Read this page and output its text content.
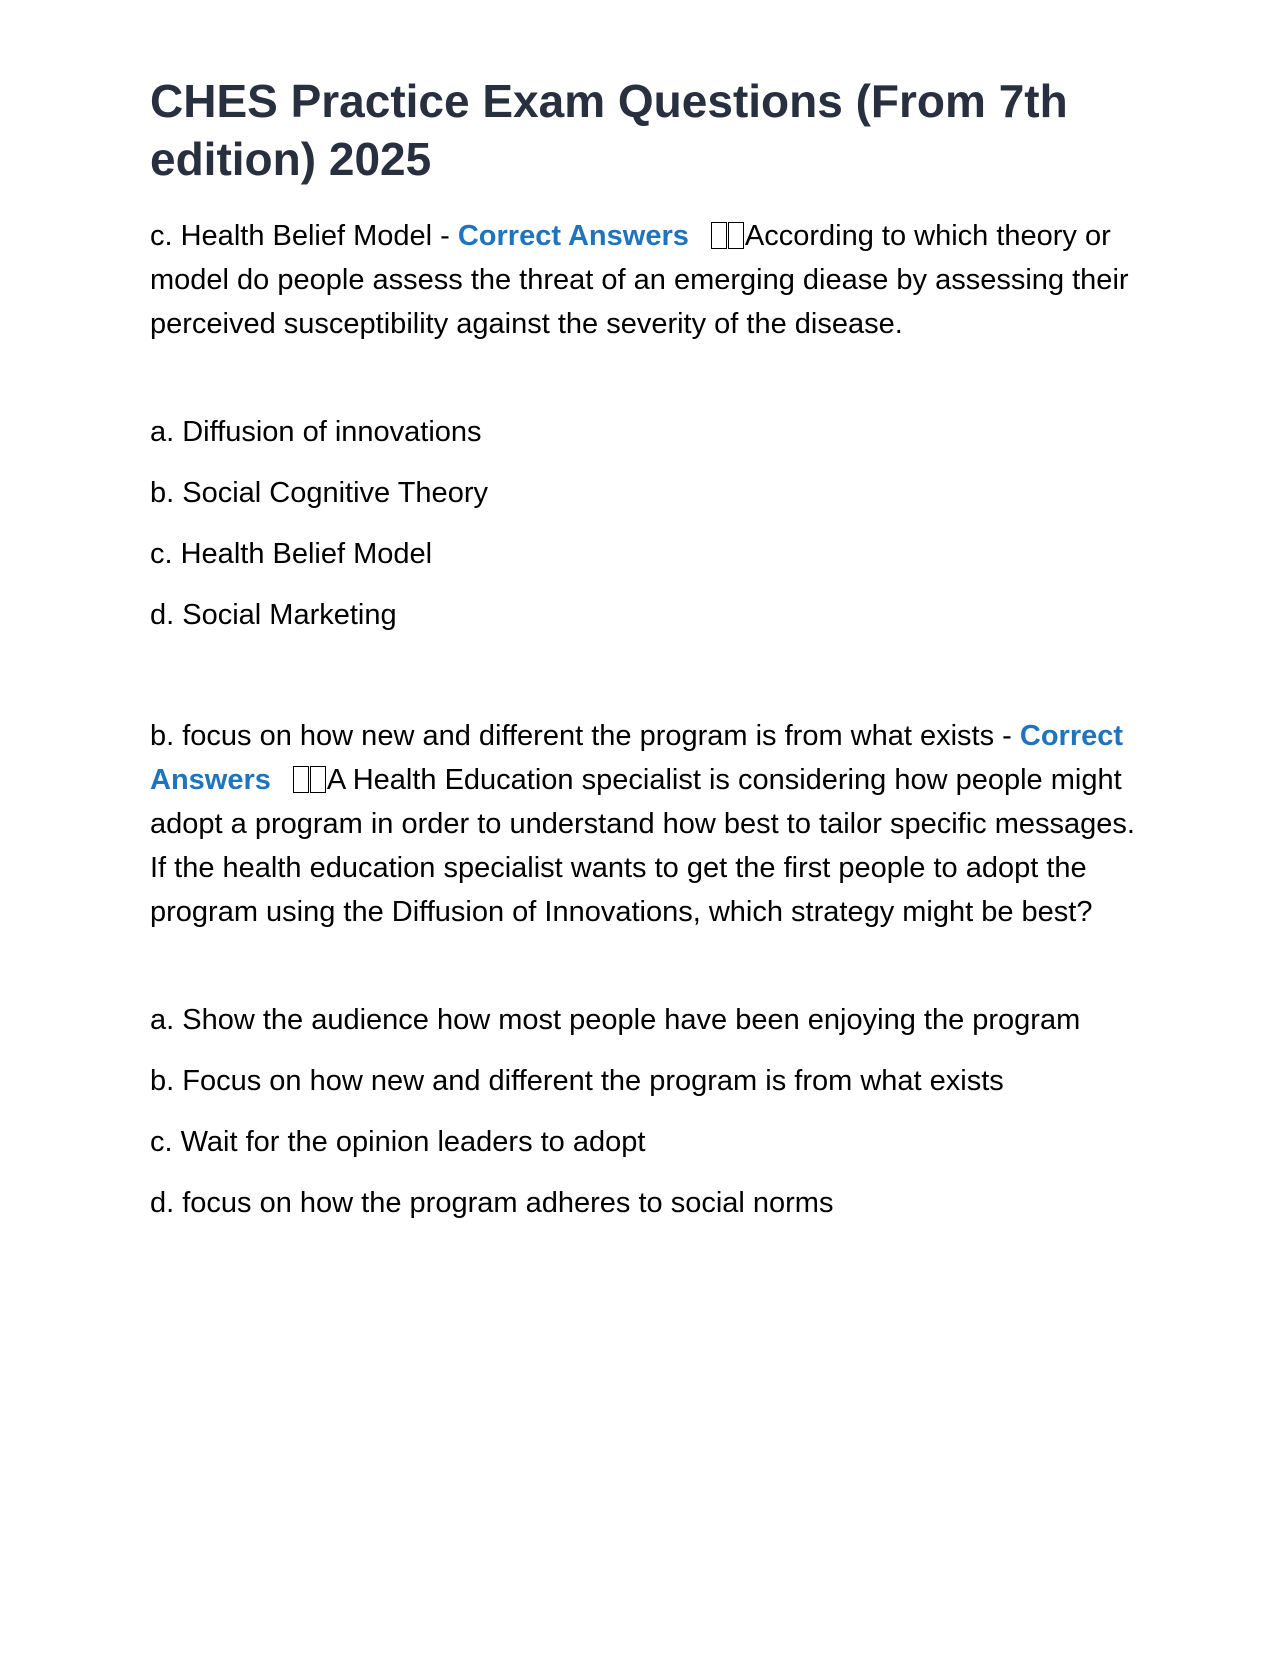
CHES Practice Exam Questions (From 7th edition) 2025

c. Health Belief Model - Correct Answers According to which theory or model do people assess the threat of an emerging diease by assessing their perceived susceptibility against the severity of the disease.

a. Diffusion of innovations
b. Social Cognitive Theory
c. Health Belief Model
d. Social Marketing

b. focus on how new and different the program is from what exists - Correct Answers A Health Education specialist is considering how people might adopt a program in order to understand how best to tailor specific messages. If the health education specialist wants to get the first people to adopt the program using the Diffusion of Innovations, which strategy might be best?

a. Show the audience how most people have been enjoying the program
b. Focus on how new and different the program is from what exists
c. Wait for the opinion leaders to adopt
d. focus on how the program adheres to social norms
